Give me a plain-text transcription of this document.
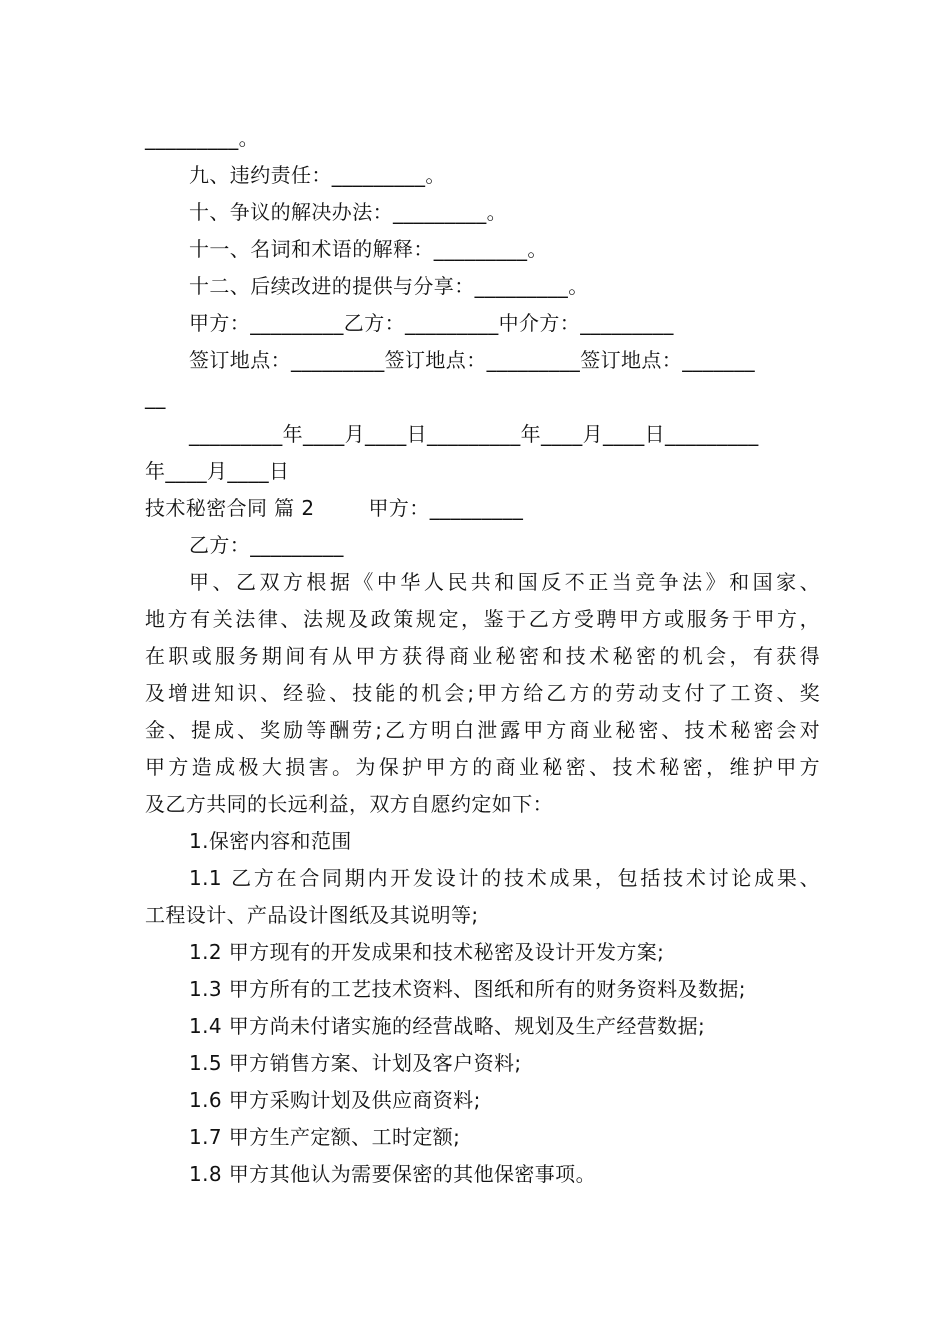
_________。
九、违约责任：_________。
十、争议的解决办法：_________。
十一、名词和术语的解释：_________。
十二、后续改进的提供与分享：_________。
甲方：_________乙方：_________中介方：_________
签订地点：_________签订地点：_________签订地点：_______
__
_________年____月____日_________年____月____日_________
年____月____日
技术秘密合同 篇 2        甲方：_________
乙方：_________
甲、乙双方根据《中华人民共和国反不正当竞争法》和国家、
地方有关法律、法规及政策规定，鉴于乙方受聘甲方或服务于甲方，
在职或服务期间有从甲方获得商业秘密和技术秘密的机会，有获得
及增进知识、经验、技能的机会;甲方给乙方的劳动支付了工资、奖
金、提成、奖励等酬劳;乙方明白泄露甲方商业秘密、技术秘密会对
甲方造成极大损害。为保护甲方的商业秘密、技术秘密，维护甲方
及乙方共同的长远利益，双方自愿约定如下：
1.保密内容和范围
1.1 乙方在合同期内开发设计的技术成果，包括技术讨论成果、
工程设计、产品设计图纸及其说明等;
1.2 甲方现有的开发成果和技术秘密及设计开发方案;
1.3 甲方所有的工艺技术资料、图纸和所有的财务资料及数据;
1.4 甲方尚未付诸实施的经营战略、规划及生产经营数据;
1.5 甲方销售方案、计划及客户资料;
1.6 甲方采购计划及供应商资料;
1.7 甲方生产定额、工时定额;
1.8 甲方其他认为需要保密的其他保密事项。
